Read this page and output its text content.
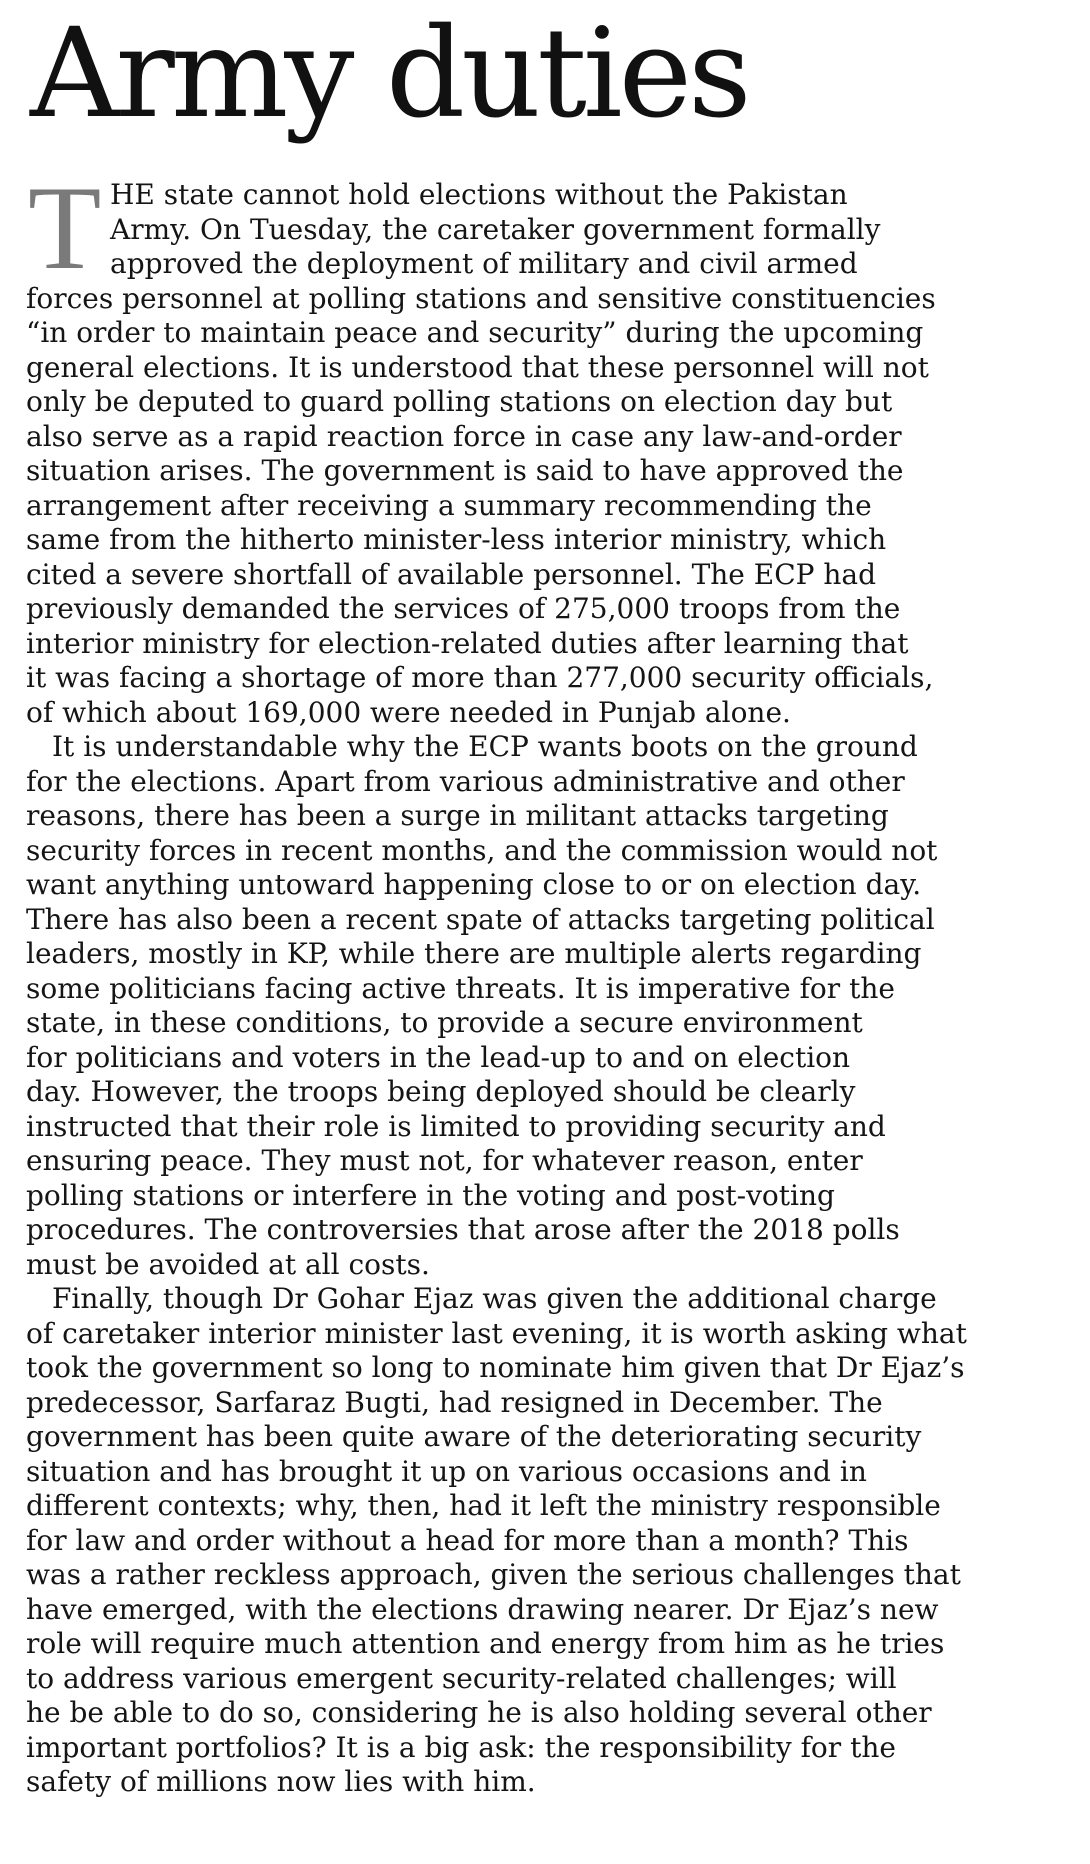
Army duties
T HE state cannot hold elections without the Pakistan
Army. On Tuesday, the caretaker government formally
approved the deployment of military and civil armed
forces personnel at polling stations and sensitive constituencies
“in order to maintain peace and security” during the upcoming
general elections. It is understood that these personnel will not
only be deputed to guard polling stations on election day but
also serve as a rapid reaction force in case any law-and-order
situation arises. The government is said to have approved the
arrangement after receiving a summary recommending the
same from the hitherto minister-less interior ministry, which
cited a severe shortfall of available personnel. The ECP had
previously demanded the services of 275,000 troops from the
interior ministry for election-related duties after learning that
it was facing a shortage of more than 277,000 security officials,
of which about 169,000 were needed in Punjab alone.
It is understandable why the ECP wants boots on the ground
for the elections. Apart from various administrative and other
reasons, there has been a surge in militant attacks targeting
security forces in recent months, and the commission would not
want anything untoward happening close to or on election day.
There has also been a recent spate of attacks targeting political
leaders, mostly in KP, while there are multiple alerts regarding
some politicians facing active threats. It is imperative for the
state, in these conditions, to provide a secure environment
for politicians and voters in the lead-up to and on election
day. However, the troops being deployed should be clearly
instructed that their role is limited to providing security and
ensuring peace. They must not, for whatever reason, enter
polling stations or interfere in the voting and post-voting
procedures. The controversies that arose after the 2018 polls
must be avoided at all costs.
Finally, though Dr Gohar Ejaz was given the additional charge
of caretaker interior minister last evening, it is worth asking what
took the government so long to nominate him given that Dr Ejaz’s
predecessor, Sarfaraz Bugti, had resigned in December. The
government has been quite aware of the deteriorating security
situation and has brought it up on various occasions and in
different contexts; why, then, had it left the ministry responsible
for law and order without a head for more than a month? This
was a rather reckless approach, given the serious challenges that
have emerged, with the elections drawing nearer. Dr Ejaz’s new
role will require much attention and energy from him as he tries
to address various emergent security-related challenges; will
he be able to do so, considering he is also holding several other
important portfolios? It is a big ask: the responsibility for the
safety of millions now lies with him.
